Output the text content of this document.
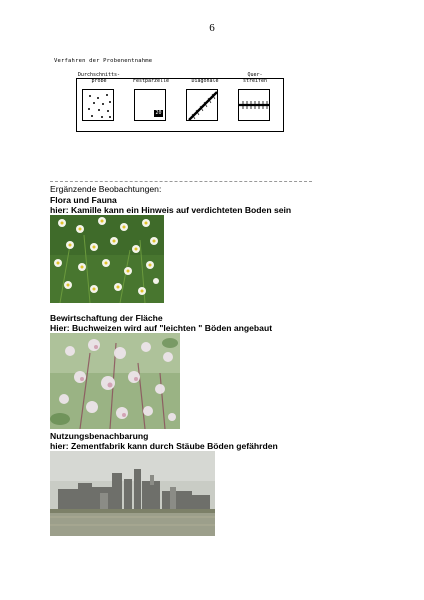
6
Verfahren der Probenentnahme
Durchschnitts-
probe	Festparzelle	Diagonale
Quer-
streifen
20
Ergänzende Beobachtungen:
Flora und Fauna
hier: Kamille kann ein Hinweis auf verdichteten Boden sein
Bewirtschaftung der Fläche
Hier: Buchweizen wird auf "leichten " Böden angebaut
Nutzungsbenachbarung
hier: Zementfabrik kann durch Stäube Böden gefährden
